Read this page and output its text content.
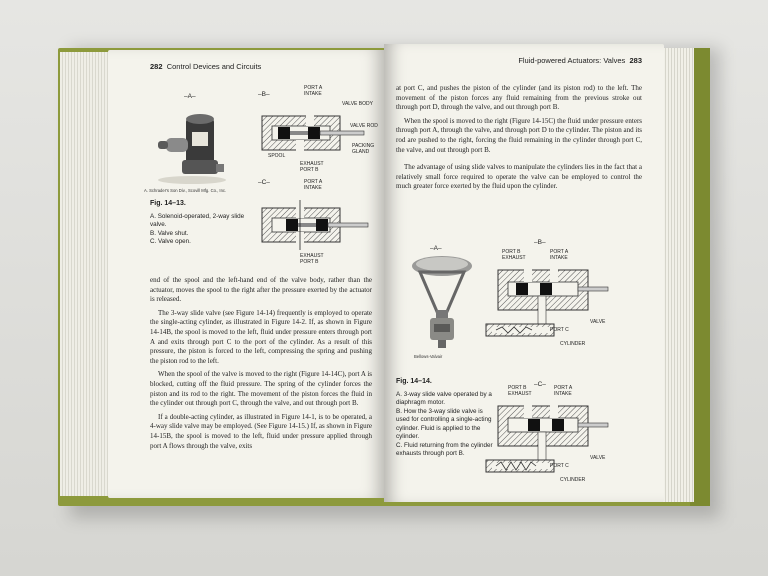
282 Control Devices and Circuits
–A–	–B–
–C–
A. Schrader's Son Div., Scovill Mfg. Co., Inc.
PORT A
INTAKE
VALVE BODY
VALVE ROD
PACKING
GLAND
SPOOL
EXHAUST
PORT B
PORT A
INTAKE
EXHAUST
PORT B
Fig. 14–13.
A. Solenoid-operated, 2-way slide valve.
B. Valve shut.
C. Valve open.

end of the spool and the left-hand end of the valve body, rather than the actuator, moves the spool to the right after the pressure exerted by the actuator is released.

The 3-way slide valve (see Figure 14-14) frequently is employed to operate the single-acting cylinder, as illustrated in Figure 14-2. If, as shown in Figure 14-14B, the spool is moved to the left, fluid under pressure enters through port A and exits through port C to the port of the cylinder. As a result of this pressure, the piston is forced to the left, compressing the spring and pushing the piston rod to the left.

When the spool of the valve is moved to the right (Figure 14-14C), port A is blocked, cutting off the fluid pressure. The spring of the cylinder forces the piston and its rod to the right. The movement of the piston forces the fluid in the cylinder out through port C, through the valve, and out through port B.

If a double-acting cylinder, as illustrated in Figure 14-1, is to be operated, a 4-way slide valve may be employed. (See Figure 14-15.) If, as shown in Figure 14-15B, the spool is moved to the left, fluid under pressure applied through port A flows through the valve, exits

Fluid-powered Actuators: Valves 283

at port C, and pushes the piston of the cylinder (and its piston rod) to the left. The movement of the piston forces any fluid remaining from the previous stroke out through port D, through the valve, and out through port B.

When the spool is moved to the right (Figure 14-15C) the fluid under pressure enters through port A, through the valve, and through port D to the cylinder. The piston and its rod are pushed to the right, forcing the fluid remaining in the cylinder through port C, the valve, and out through port B.

The advantage of using slide valves to manipulate the cylinders lies in the fact that a relatively small force required to operate the valve can be employed to control the much greater force exerted by the fluid upon the cylinder.

–A–
–B–
–C–
Bellows-Valvair
PORT B
EXHAUST
PORT A
INTAKE
VALVE
PORT C
CYLINDER
PORT B
EXHAUST
PORT A
INTAKE
VALVE
PORT C
CYLINDER
Fig. 14–14.
A. 3-way slide valve operated by a diaphragm motor.
B. How the 3-way slide valve is used for controlling a single-acting cylinder. Fluid is applied to the cylinder.
C. Fluid returning from the cylinder exhausts through port B.
